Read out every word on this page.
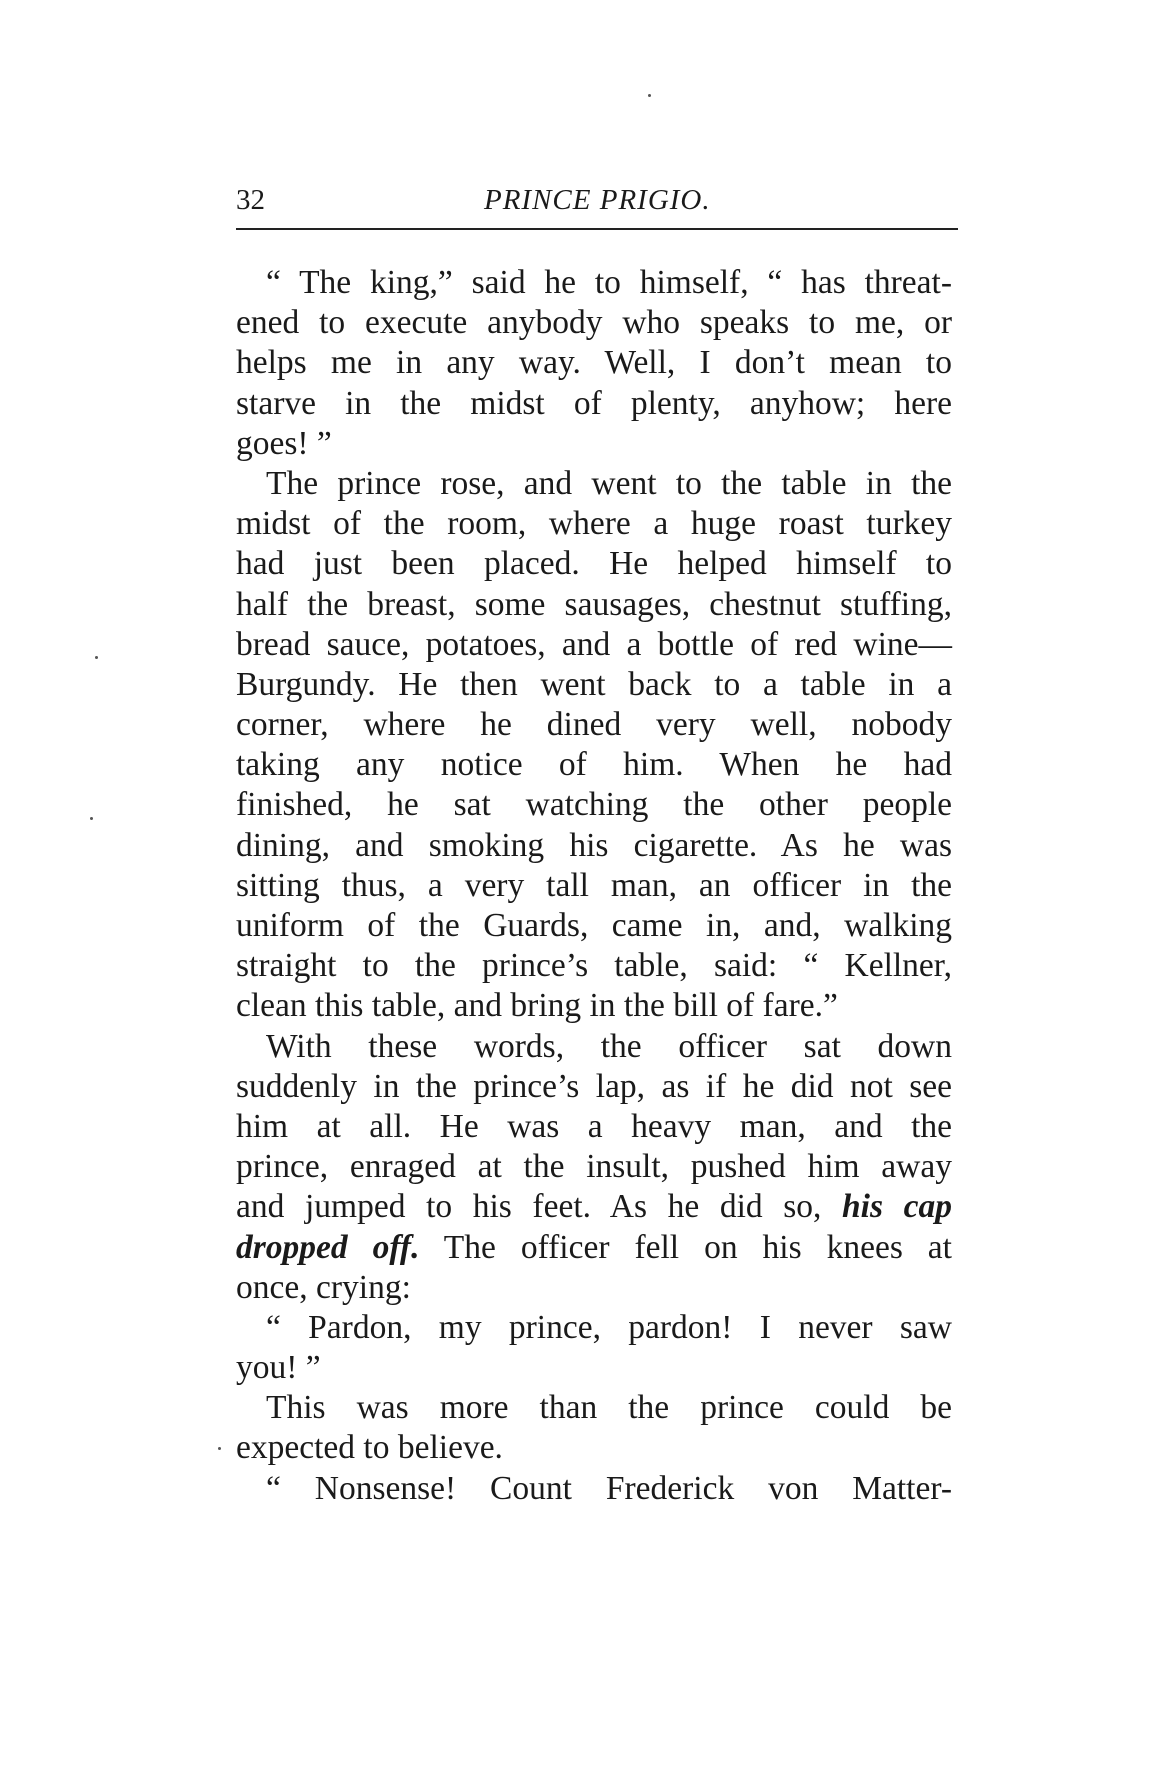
32	PRINCE PRIGIO.
“ The king,” said he to himself, “ has threat-
ened to execute anybody who speaks to me, or
helps me in any way. Well, I don’t mean to
starve in the midst of plenty, anyhow; here
goes! ”
The prince rose, and went to the table in the
midst of the room, where a huge roast turkey
had just been placed. He helped himself to
half the breast, some sausages, chestnut stuffing,
bread sauce, potatoes, and a bottle of red wine—
Burgundy. He then went back to a table in a
corner, where he dined very well, nobody
taking any notice of him. When he had
finished, he sat watching the other people
dining, and smoking his cigarette. As he was
sitting thus, a very tall man, an officer in the
uniform of the Guards, came in, and, walking
straight to the prince’s table, said: “ Kellner,
clean this table, and bring in the bill of fare.”
With these words, the officer sat down
suddenly in the prince’s lap, as if he did not see
him at all. He was a heavy man, and the
prince, enraged at the insult, pushed him away
and jumped to his feet. As he did so, his cap
dropped off. The officer fell on his knees at
once, crying:
“ Pardon, my prince, pardon! I never saw
you! ”
This was more than the prince could be
expected to believe.
“ Nonsense! Count Frederick von Matter-
